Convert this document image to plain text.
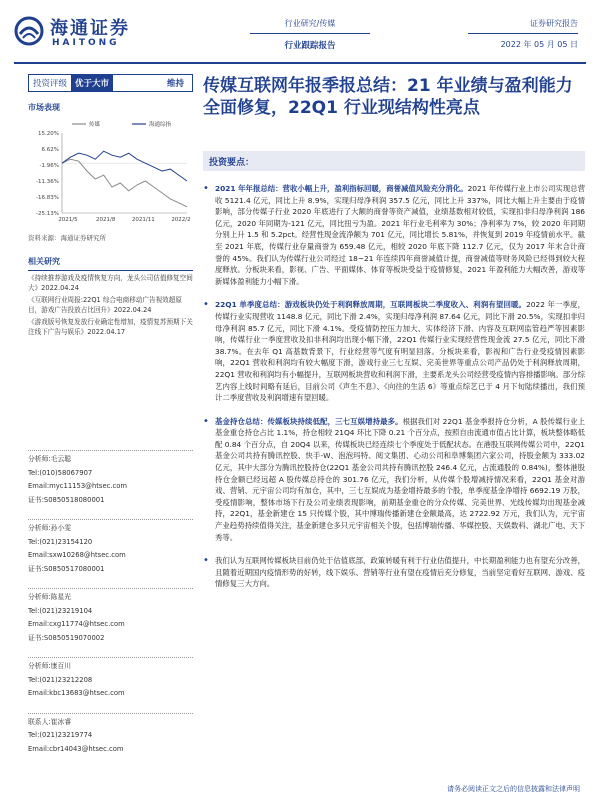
海通证券
HAITONG
行业研究/传媒
行业跟踪报告
证券研究报告
2022 年 05 月 05 日
投资评级 优于大市	维持
市场表现
15.20%
6.62%
-1.96%
-11.36%
-16.83%
-25.13%
2021/5	2021/8	2021/11	2022/2
传媒	海通综指
资料来源：海通证券研究所
相关研究
《持续推荐游戏及疫情恢复方向，龙头公司估值修复空间大》2022.04.24
《互联网行业周报:22Q1 综合电商移动广告视效超原目，游戏广告投放占比回升》2022.04.24
《游戏版号恢复发放行业确定性增加，疫情复苏预期下关注线下广告与娱乐》2022.04.17
分析师:毛云聪
Tel:(010)58067907
Email:myc11153@htsec.com
证书:S0850518080001
分析师:孙小雯
Tel:(021)23154120
Email:sxw10268@htsec.com
证书:S0850517080001
分析师:陈星光
Tel:(021)23219104
Email:cxg11774@htsec.com
证书:S0850519070002
分析师:康百川
Tel:(021)23212208
Email:kbc13683@htsec.com
联系人:崔冰睿
Tel:(021)23219774
Email:cbr14043@htsec.com
传媒互联网年报季报总结：21 年业绩与盈利能力全面修复，22Q1 行业现结构性亮点
投资要点：
• 2021 年年报总结：营收小幅上升，盈利指标回暖，商誉减值风险充分消化。2021 年传媒行业上市公司实现总营收 5121.4 亿元，同比上升 8.9%，实现归母净利润 357.5 亿元，同比上升 337%，同比大幅上升主要由于疫情影响，部分传媒子行业 2020 年底进行了大额的商誉等资产减值，业绩基数相对较低，实现扣非归母净利润 186 亿元，2020 年同期为-121 亿元，同比扭亏为盈。2021 年行业毛利率为 30%；净利率为 7%，较 2020 年同期分别上升 1.5 和 5.2pct。经营性现金流净额为 701 亿元，同比增长 5.81%，并恢复到 2019 年疫情前水平。截至 2021 年底，传媒行业存量商誉为 659.48 亿元，相较 2020 年底下降 112.7 亿元，仅为 2017 年末合计商誉的 45%。我们认为传媒行业公司经过 18~21 年连续四年商誉减值计提，商誉减值等财务风险已经得到较大程度释放。分板块来看，影视、广告、平面媒体、体育等板块受益于疫情修复，2021 年盈利能力大幅改善，游戏等新媒体盈利能力小幅下滑。
• 22Q1 单季度总结：游戏板块仍处于利润释放周期，互联网板块二季度收入、利润有望回暖。2022 年一季度，传媒行业实现营收 1148.8 亿元，同比下滑 2.4%，实现归母净利润 87.64 亿元，同比下滑 20.5%，实现扣非归母净利润 85.7 亿元，同比下滑 4.1%。受疫情防控压力加大、实体经济下滑、内容及互联网监管趋严等因素影响，传媒行业一季度营收及扣非利润均出现小幅下滑，22Q1 传媒行业实现经营性现金流 27.5 亿元，同比下滑 38.7%。在去年 Q1 高基数背景下，行业经营等气度有明显回落。分板块来看，影视和广告行业受疫情因素影响，22Q1 营收和利润均有较大幅度下滑，游戏行业三七互娱、完美世界等重点公司产品仍处于利润释放周期，22Q1 营收和利润均有小幅提升，互联网板块营收和利润下滑，主要系龙头公司经营受疫情内容排播影响。部分综艺内容上线时间略有延后，目前公司《声生不息》、《向往的生活 6》等重点综艺已于 4 月下旬陆续播出，我们预计二季度营收及利润增速有望回暖。
• 基金持仓总结：传媒板块持续低配，三七互娱增持最多。根据我们对 22Q1 基金季报持仓分析，A 股传媒行业上基金重仓持仓占比 1.1%，持仓相较 21Q4 环比下降 0.21 个百分点，按照自由流通市值占比计算，板块整体略低配 0.84 个百分点，自 20Q4 以来，传媒板块已经连续七个季度处于低配状态。在港股互联网传媒公司中，22Q1 基金公司共持有腾讯控股、快手-W、泡泡玛特、阅文集团、心动公司和阜博集团六家公司，持股金额为 333.02 亿元，其中大部分为腾讯控股持仓(22Q1 基金公司共持有腾讯控股 246.4 亿元，占流通股的 0.84%)，整体港股持仓金额已经远超 A 股传媒总持仓的 301.76 亿元，我们分析，从传媒个股增减持情况来看，22Q1 基金对游戏、营销、元宇宙公司均有加仓，其中，三七互娱成为基金增持最多的个股，单季度基金净增持 6692.19 万股，受疫情影响，整体市场下行及公司业绩表现影响，前期基金重仓的分众传媒、完美世界、光线传媒均出现基金减持，22Q1，基金新建仓 15 只传媒个股，其中博瑞传播新建仓金额最高，达 2722.92 万元，我们认为，元宇宙产业趋势持续值得关注，基金新建仓多只元宇宙相关个股，包括博瑞传播、华媒控股、天娱数科、湖北广电、天下秀等。
• 我们认为互联网传媒板块目前仍处于估值底部，政策转暖有利于行业估值提升，中长期盈利能力也有望充分改善，且随着近期国内疫情形势的好转，线下娱乐、营销等行业有望在疫情后充分修复，当前坚定看好互联网、游戏、疫情修复三大方向。
请务必阅读正文之后的信息披露和法律声明
